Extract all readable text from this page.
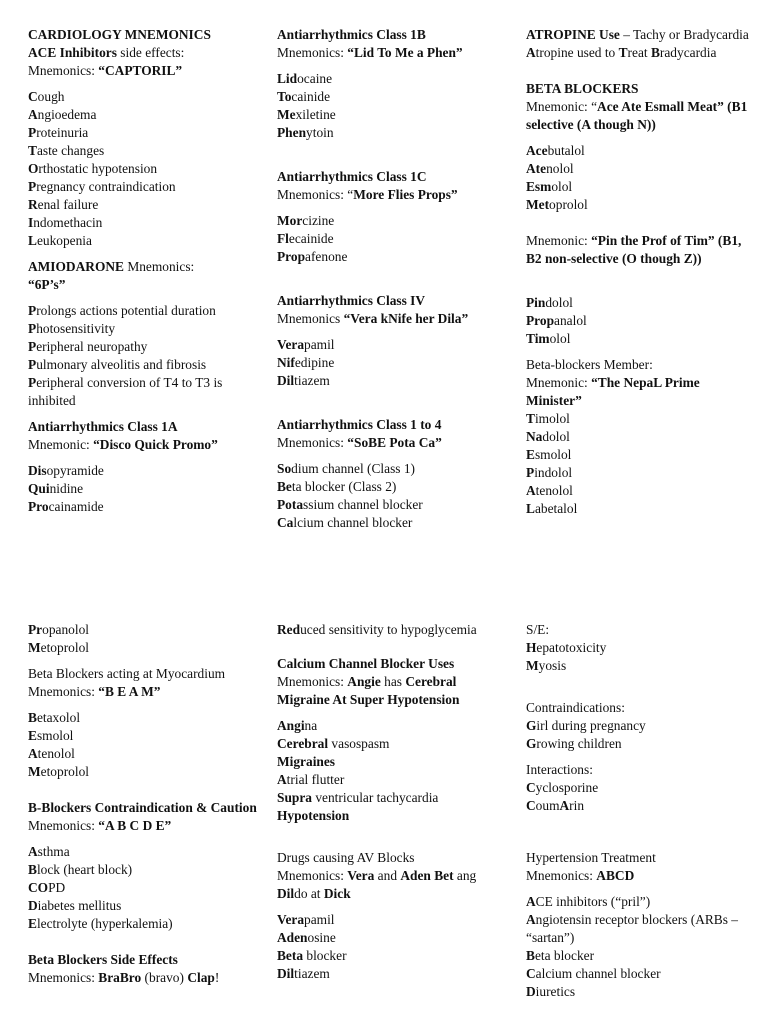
CARDIOLOGY MNEMONICS
ACE Inhibitors side effects:
Mnemonics: “CAPTORIL”
Cough
Angioedema
Proteinuria
Taste changes
Orthostatic hypotension
Pregnancy contraindication
Renal failure
Indomethacin
Leukopenia
AMIODARONE Mnemonics:
“6P’s”
Prolongs actions potential duration
Photosensitivity
Peripheral neuropathy
Pulmonary alveolitis and fibrosis
Peripheral conversion of T4 to T3 is inhibited
Antiarrhythmics Class 1A
Mnemonic: “Disco Quick Promo”
Disopyramide
Quinidine
Procainamide
Antiarrhythmics Class 1B
Mnemonics: “Lid To Me a Phen”
Lidocaine
Tocainide
Mexiletine
Phenytoin
Antiarrhythmics Class 1C
Mnemonics: “More Flies Props”
Morcizine
Flecainide
Propafenone
Antiarrhythmics Class IV
Mnemonics “Vera kNife her Dila”
Verapamil
Nifedipine
Diltiazem
Antiarrhythmics Class 1 to 4
Mnemonics: “SoBE Pota Ca”
Sodium channel (Class 1)
Beta blocker (Class 2)
Potassium channel blocker
Calcium channel blocker
ATROPINE Use – Tachy or Bradycardia
Atropine used to Treat Bradycardia
BETA BLOCKERS
Mnemonic: “Ace Ate Esmall Meat” (B1 selective (A though N))
Acebutalol
Atenolol
Esmolol
Metoprolol
Mnemonic: “Pin the Prof of Tim” (B1, B2 non-selective (O though Z))
Pindolol
Propanalol
Timolol
Beta-blockers Member:
Mnemonic: “The NepaL Prime Minister”
Timolol
Nadolol
Esmolol
Pindolol
Atenolol
Labetalol
Propanolol
Metoprolol
Beta Blockers acting at Myocardium
Mnemonics: “B E A M”
Betaxolol
Esmolol
Atenolol
Metoprolol
B-Blockers Contraindication & Caution
Mnemonics: “A B C D E”
Asthma
Block (heart block)
COPD
Diabetes mellitus
Electrolyte (hyperkalemia)
Beta Blockers Side Effects
Mnemonics: BraBro (bravo) Clap!
Reduced sensitivity to hypoglycemia
Calcium Channel Blocker Uses
Mnemonics: Angie has Cerebral Migraine At Super Hypotension
Angina
Cerebral vasospasm
Migraines
Atrial flutter
Supra ventricular tachycardia
Hypotension
Drugs causing AV Blocks
Mnemonics: Vera and Aden Bet ang Dildo at Dick
Verapamil
Adenosine
Beta blocker
Diltiazem
S/E:
Hepatotoxicity
Myosis
Contraindications:
Girl during pregnancy
Growing children
Interactions:
Cyclosporine
CoumArin
Hypertension Treatment
Mnemonics: ABCD
ACE inhibitors (“pril”)
Angiotensin receptor blockers (ARBs – “sartan”)
Beta blocker
Calcium channel blocker
Diuretics
